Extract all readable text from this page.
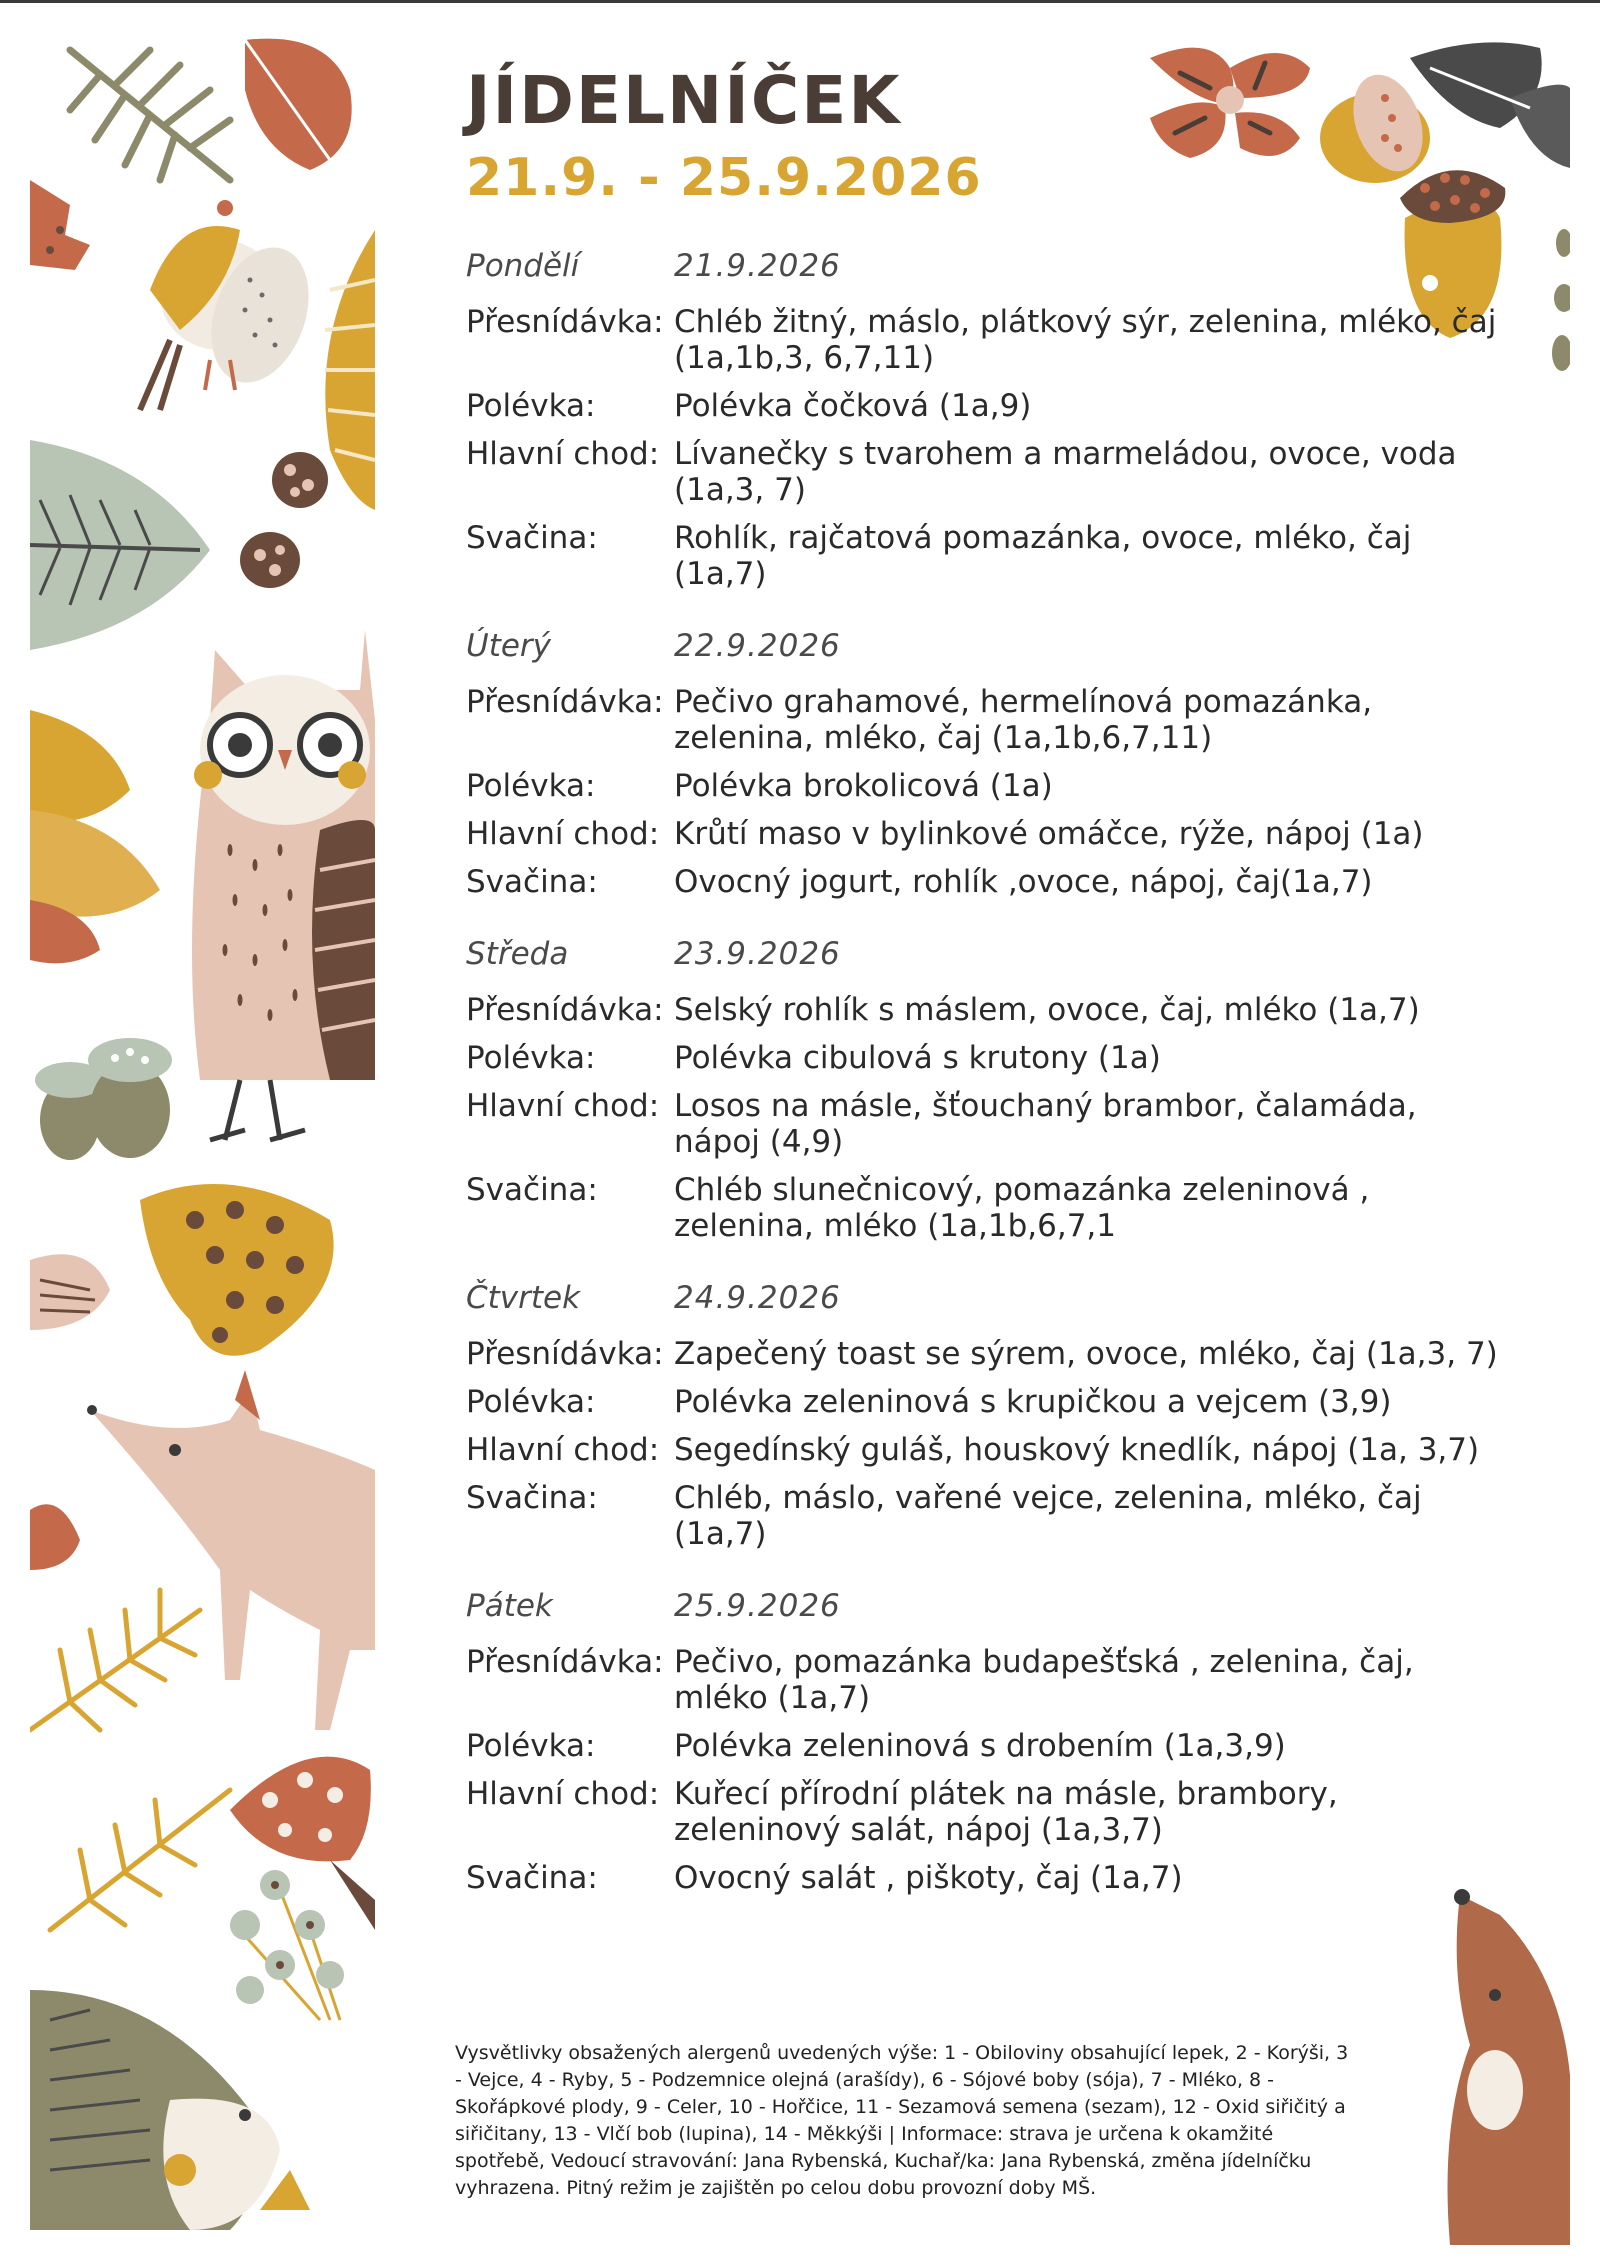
JÍDELNÍČEK
21.9. - 25.9.2026
Pondělí	21.9.2026
Přesnídávka: Chléb žitný, máslo, plátkový sýr, zelenina, mléko, čaj (1a,1b,3, 6,7,11)
Polévka:	Polévka čočková (1a,9)
Hlavní chod: Lívanečky s tvarohem a marmeládou, ovoce, voda (1a,3, 7)
Svačina:	Rohlík, rajčatová pomazánka, ovoce, mléko, čaj (1a,7)
Úterý	22.9.2026
Přesnídávka: Pečivo grahamové, hermelínová pomazánka, zelenina, mléko, čaj (1a,1b,6,7,11)
Polévka:	Polévka brokolicová (1a)
Hlavní chod: Krůtí maso v bylinkové omáčce, rýže, nápoj (1a)
Svačina:	Ovocný jogurt, rohlík ,ovoce, nápoj, čaj(1a,7)
Středa	23.9.2026
Přesnídávka: Selský rohlík s máslem, ovoce, čaj, mléko (1a,7)
Polévka:	Polévka cibulová s krutony (1a)
Hlavní chod: Losos na másle, šťouchaný brambor, čalamáda, nápoj (4,9)
Svačina:	Chléb slunečnicový, pomazánka zeleninová , zelenina, mléko (1a,1b,6,7,1
Čtvrtek	24.9.2026
Přesnídávka: Zapečený toast se sýrem, ovoce, mléko, čaj (1a,3, 7)
Polévka:	Polévka zeleninová s krupičkou a vejcem (3,9)
Hlavní chod: Segedínský guláš, houskový knedlík, nápoj (1a, 3,7)
Svačina:	Chléb, máslo, vařené vejce, zelenina, mléko, čaj (1a,7)
Pátek	25.9.2026
Přesnídávka: Pečivo, pomazánka budapešťská , zelenina, čaj, mléko (1a,7)
Polévka:	Polévka zeleninová s drobením (1a,3,9)
Hlavní chod: Kuřecí přírodní plátek na másle, brambory, zeleninový salát, nápoj (1a,3,7)
Svačina:	Ovocný salát , piškoty, čaj (1a,7)
Vysvětlivky obsažených alergenů uvedených výše: 1 - Obiloviny obsahující lepek, 2 - Korýši, 3 - Vejce, 4 - Ryby, 5 - Podzemnice olejná (arašídy), 6 - Sójové boby (sója), 7 - Mléko, 8 - Skořápkové plody, 9 - Celer, 10 - Hořčice, 11 - Sezamová semena (sezam), 12 - Oxid siřičitý a siřičitany, 13 - Vlčí bob (lupina), 14 - Měkkýši | Informace: strava je určena k okamžité spotřebě, Vedoucí stravování: Jana Rybenská, Kuchař/ka: Jana Rybenská, změna jídelníčku vyhrazena. Pitný režim je zajištěn po celou dobu provozní doby MŠ.
